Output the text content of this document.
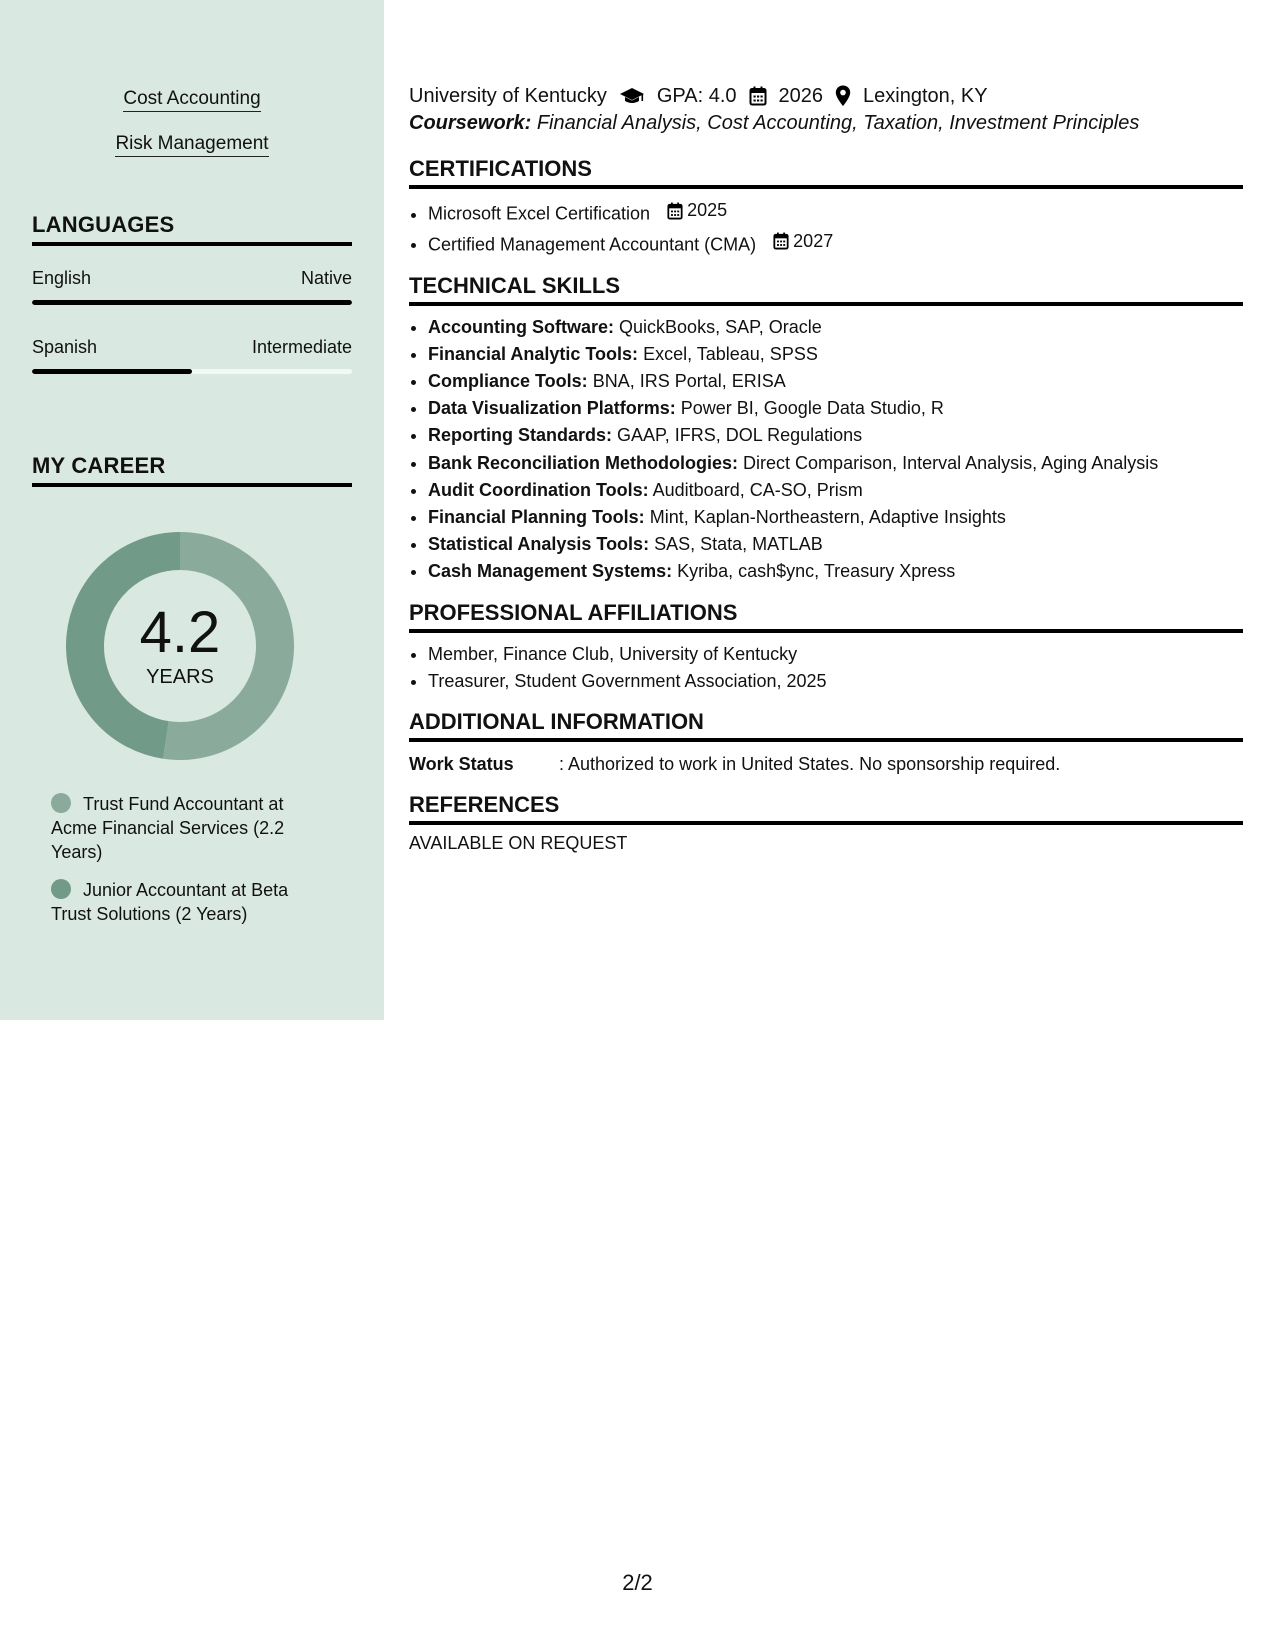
Cost Accounting
Risk Management
LANGUAGES
English	Native
Spanish	Intermediate
MY CAREER
4.2
YEARS
Trust Fund Accountant at Acme Financial Services (2.2 Years)
Junior Accountant at Beta Trust Solutions (2 Years)
University of Kentucky	GPA: 4.0 2026 Lexington, KY
Coursework: Financial Analysis, Cost Accounting, Taxation, Investment Principles
CERTIFICATIONS
• Microsoft Excel Certification 2025
• Certified Management Accountant (CMA) 2027
TECHNICAL SKILLS
• Accounting Software: QuickBooks, SAP, Oracle
• Financial Analytic Tools: Excel, Tableau, SPSS
• Compliance Tools: BNA, IRS Portal, ERISA
• Data Visualization Platforms: Power BI, Google Data Studio, R
• Reporting Standards: GAAP, IFRS, DOL Regulations
• Bank Reconciliation Methodologies: Direct Comparison, Interval Analysis, Aging Analysis
• Audit Coordination Tools: Auditboard, CA-SO, Prism
• Financial Planning Tools: Mint, Kaplan-Northeastern, Adaptive Insights
• Statistical Analysis Tools: SAS, Stata, MATLAB
• Cash Management Systems: Kyriba, cash$ync, Treasury Xpress
PROFESSIONAL AFFILIATIONS
• Member, Finance Club, University of Kentucky
• Treasurer, Student Government Association, 2025
ADDITIONAL INFORMATION
Work Status	: Authorized to work in United States. No sponsorship required.
REFERENCES
AVAILABLE ON REQUEST
2/2
